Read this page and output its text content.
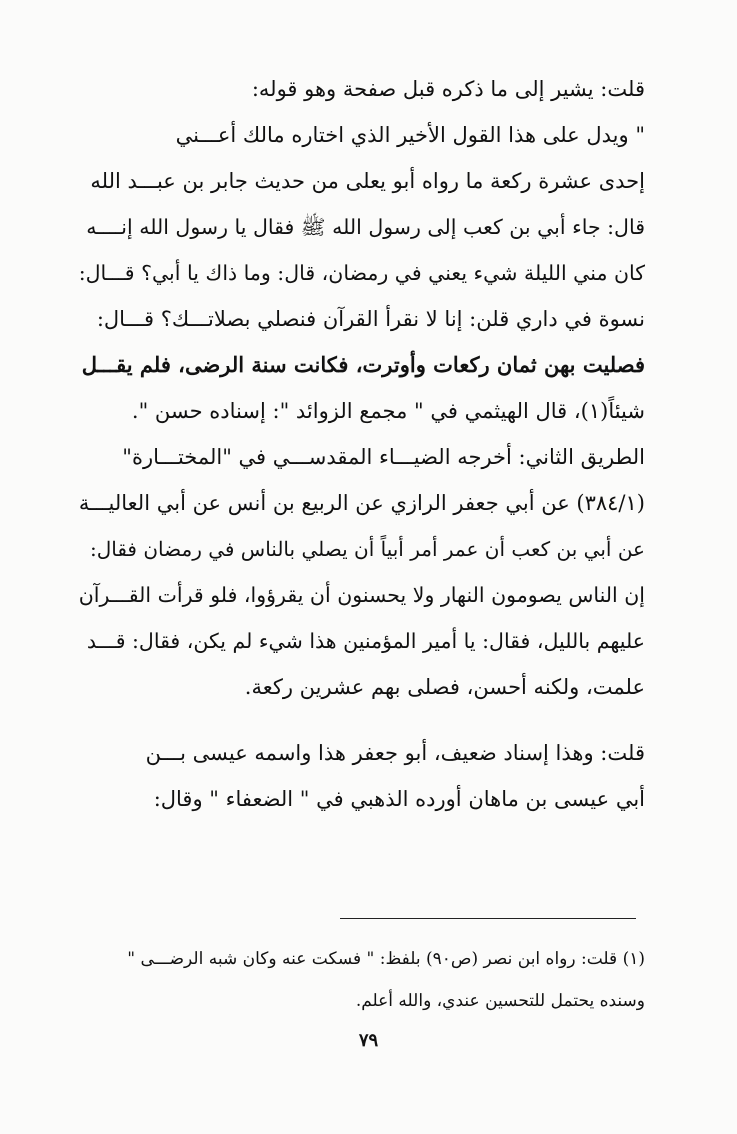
قلت: يشير إلى ما ذكره قبل صفحة وهو قوله:
" ويدل على هذا القول الأخير الذي اختاره مالك أعـــني
إحدى عشرة ركعة ما رواه أبو يعلى من حديث جابر بن عبـــد الله
قال: جاء أبي بن كعب إلى رسول الله ﷺ فقال يا رسول الله إنــــه
كان مني الليلة شيء يعني في رمضان، قال: وما ذاك يا أبي؟ قـــال:
نسوة في داري قلن: إنا لا نقرأ القرآن فنصلي بصلاتـــك؟ قـــال:
فصليت بهن ثمان ركعات وأوترت، فكانت سنة الرضى، فلم يقـــل
شيئاً(١)، قال الهيثمي في " مجمع الزوائد ": إسناده حسن ".
الطريق الثاني: أخرجه الضيـــاء المقدســـي في "المختـــارة"
(٣٨٤/١) عن أبي جعفر الرازي عن الربيع بن أنس عن أبي العاليـــة
عن أبي بن كعب أن عمر أمر أبياً أن يصلي بالناس في رمضان فقال:
إن الناس يصومون النهار ولا يحسنون أن يقرؤوا، فلو قرأت القـــرآن
عليهم بالليل، فقال: يا أمير المؤمنين هذا شيء لم يكن، فقال: قـــد
علمت، ولكنه أحسن، فصلى بهم عشرين ركعة.
قلت: وهذا إسناد ضعيف، أبو جعفر هذا واسمه عيسى بـــن
أبي عيسى بن ماهان أورده الذهبي في " الضعفاء " وقال:
(١) قلت: رواه ابن نصر (ص٩٠) بلفظ: " فسكت عنه وكان شبه الرضـــى "
وسنده يحتمل للتحسين عندي، والله أعلم.
٧٩
